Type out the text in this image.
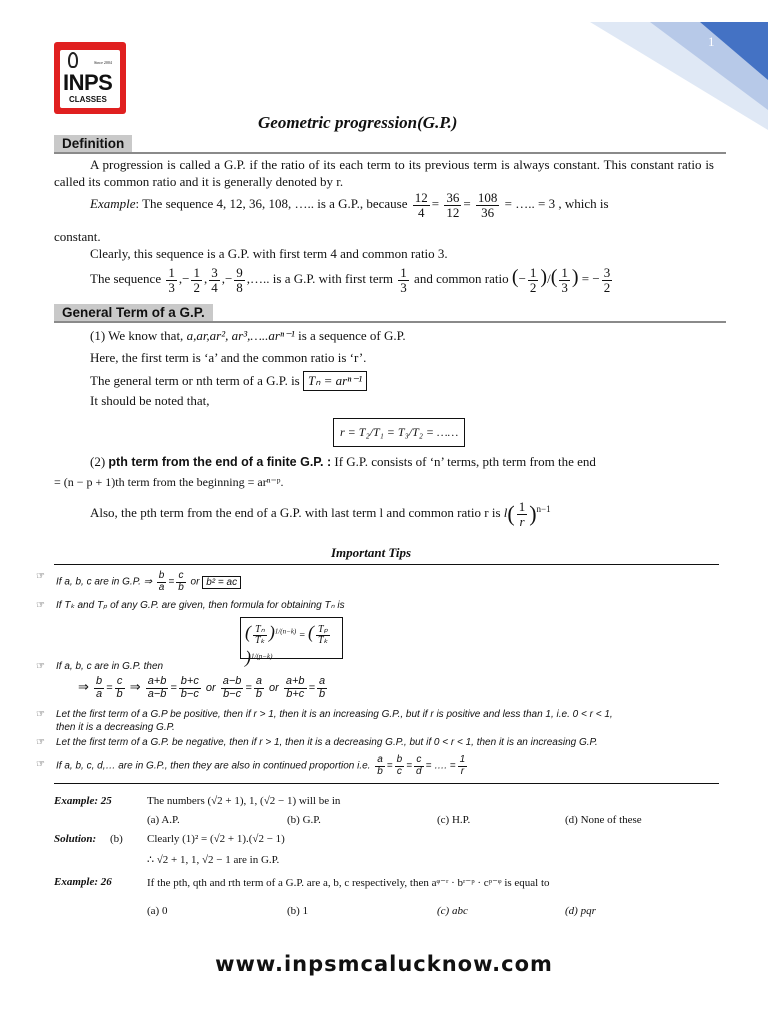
1
INPS
CLASSES
Since 2004
Geometric progression(G.P.)
Definition
A progression is called a G.P. if the ratio of its each term to its previous term is always constant. This constant ratio is called its common ratio and it is generally denoted by r.
Example: The sequence 4, 12, 36, 108, ….. is a G.P., because $\frac{12}{4} = \frac{36}{12} = \frac{108}{36}$ = ….. = 3 , which is
constant.
Clearly, this sequence is a G.P. with first term 4 and common ratio 3.
The sequence $\frac{1}{3}$ ,− $\frac{1}{2}$ , $\frac{3}{4}$ ,− $\frac{9}{8}$ ,….. is a G.P. with first term $\frac{1}{3}$ and common ratio (− $\frac{1}{2}$ )/( $\frac{1}{3}$ ) = − $\frac{3}{2}$
General Term of a G.P.
(1) We know that, a,ar,ar², ar³,…..arⁿ⁻¹ is a sequence of G.P.
Here, the first term is ‘a’ and the common ratio is ‘r’.
The general term or nth term of a G.P. is Tₙ = arⁿ⁻¹
It should be noted that,
r = T₂/T₁ = T₃/T₂ = ……
(2) pth term from the end of a finite G.P. : If G.P. consists of ‘n’ terms, pth term from the end
= (n − p + 1)th term from the beginning = arⁿ⁻ᵖ.
Also, the pth term from the end of a G.P. with last term l and common ratio r is $l( \frac{1}{r} )^{n-1}$
Important Tips
☞
If a, b, c are in G.P. ⇒ $\frac{b}{a} = \frac{c}{b}$ or b² = ac
☞ If Tₖ and Tₚ of any G.P. are given, then formula for obtaining Tₙ is
( $\frac{\text{Tₙ}}{\text{Tₖ}} )^{1/(n-k)}$ = ( $\frac{\text{Tₚ}}{\text{Tₖ}}$
)$^{1/(p-k)}$
☞ If a, b, c are in G.P. then
⇒ $\frac{b}{a} = \frac{c}{b}$ ⇒ $\frac{a+b}{a-b} = \frac{b+c}{b-c}$ or $\frac{a-b}{b-c} = \frac{a}{b}$ or $\frac{a+b}{b+c} = \frac{a}{b}$
☞ Let the first term of a G.P be positive, then if r > 1, then it is an increasing G.P., but if r is positive and less than 1, i.e. 0 < r < 1,
then it is a decreasing G.P.
☞ Let the first term of a G.P. be negative, then if r > 1, then it is a decreasing G.P., but if 0 < r < 1, then it is an increasing G.P.
☞ If a, b, c, d,… are in G.P., then they are also in continued proportion i.e. $\frac{a}{b} = \frac{b}{c} = \frac{c}{d}$ = …. = $\frac{1}{r}$
Example: 25	The numbers (√2 + 1), 1, (√2 − 1) will be in
(a) A.P.	(b) G.P.	(c) H.P.	(d) None of these
Solution: (b) Clearly (1)² = (√2 + 1).(√2 − 1)
∴ √2 + 1, 1, √2 − 1 are in G.P.
Example: 26	If the pth, qth and rth term of a G.P. are a, b, c respectively, then aᵠ⁻ʳ · bʳ⁻ᵖ · cᵖ⁻ᵠ is equal to
(a) 0	(b) 1	(c) abc	(d) pqr
www.inpsmcalucknow.com
